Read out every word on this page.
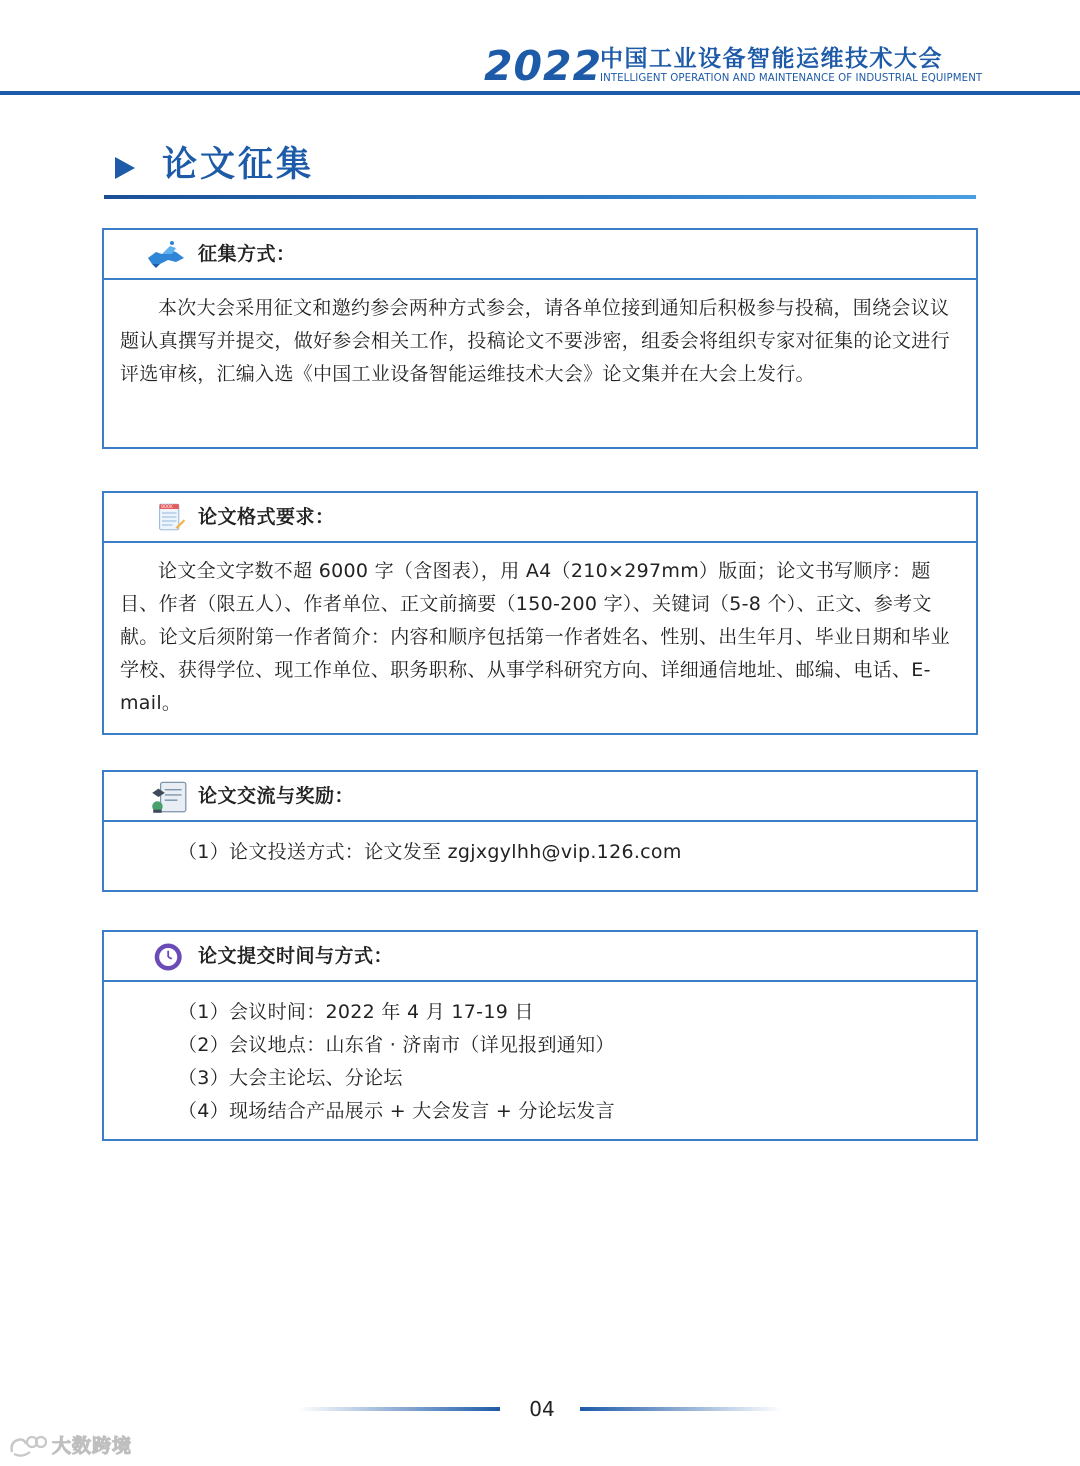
2022
中国工业设备智能运维技术大会
INTELLIGENT OPERATION AND MAINTENANCE OF INDUSTRIAL EQUIPMENT
论文征集
征集方式：

本次大会采用征文和邀约参会两种方式参会，请各单位接到通知后积极参与投稿，围绕会议议题认真撰写并提交，做好参会相关工作，投稿论文不要涉密，组委会将组织专家对征集的论文进行评选审核，汇编入选《中国工业设备智能运维技术大会》论文集并在大会上发行。

BOOK 论文格式要求：

论文全文字数不超 6000 字（含图表），用 A4（210×297mm）版面；论文书写顺序：题目、作者（限五人）、作者单位、正文前摘要（150-200 字）、关键词（5-8 个）、正文、参考文献。论文后须附第一作者简介：内容和顺序包括第一作者姓名、性别、出生年月、毕业日期和毕业学校、获得学位、现工作单位、职务职称、从事学科研究方向、详细通信地址、邮编、电话、E-mail。

论文交流与奖励：
（1）论文投送方式：论文发至 zgjxgylhh@vip.126.com
论文提交时间与方式：
（1）会议时间：2022 年 4 月 17-19 日
（2）会议地点：山东省 · 济南市（详见报到通知）
（3）大会主论坛、分论坛
（4）现场结合产品展示 + 大会发言 + 分论坛发言
04
大数跨境
